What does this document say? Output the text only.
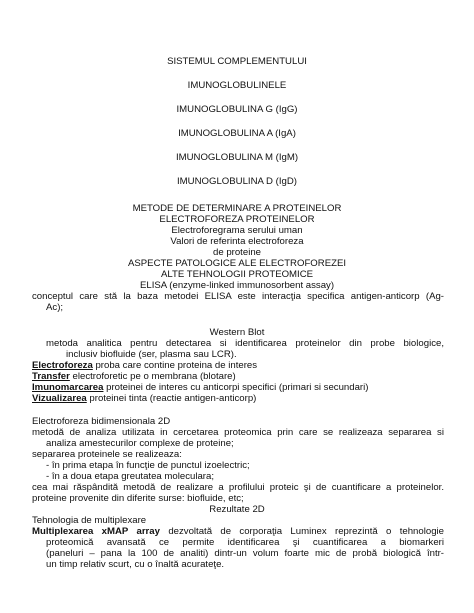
SISTEMUL COMPLEMENTULUI
IMUNOGLOBULINELE
IMUNOGLOBULINA G (IgG)
IMUNOGLOBULINA A (IgA)
IMUNOGLOBULINA M (IgM)
IMUNOGLOBULINA D (IgD)
METODE DE DETERMINARE A PROTEINELOR
ELECTROFOREZA PROTEINELOR
Electroforegrama serului uman
Valori de referinta electroforeza
de proteine
ASPECTE PATOLOGICE ALE ELECTROFOREZEI
ALTE TEHNOLOGII PROTEOMICE
ELISA (enzyme-linked immunosorbent assay)
conceptul care stă la baza metodei ELISA este interacţia specifica antigen-anticorp (Ag-
Ac);
Western Blot
metoda analitica pentru detectarea si identificarea proteinelor din probe biologice,
inclusiv biofluide (ser, plasma sau LCR).
Electroforeza proba care contine proteina de interes
Transfer electroforetic pe o membrana (blotare)
Imunomarcarea proteinei de interes cu anticorpi specifici (primari si secundari)
Vizualizarea proteinei tinta (reactie antigen-anticorp)
Electroforeza bidimensionala 2D
metodă de analiza utilizata in cercetarea proteomica prin care se realizeaza separarea si
analiza amestecurilor complexe de proteine;
separarea proteinele se realizeaza:
- în prima etapa în funcţie de punctul izoelectric;
- în a doua etapa greutatea moleculara;
cea mai răspândită metodă de realizare a profilului proteic şi de cuantificare a proteinelor.
proteine provenite din diferite surse: biofluide, etc;
Rezultate 2D
Tehnologia de multiplexare
Multiplexarea xMAP array dezvoltată de corporaţia Luminex reprezintă o tehnologie
proteomică avansată ce permite identificarea şi cuantificarea a biomarkeri
(paneluri – pana la 100 de analiti) dintr-un volum foarte mic de probă biologică într-
un timp relativ scurt, cu o înaltă acurateţe.
